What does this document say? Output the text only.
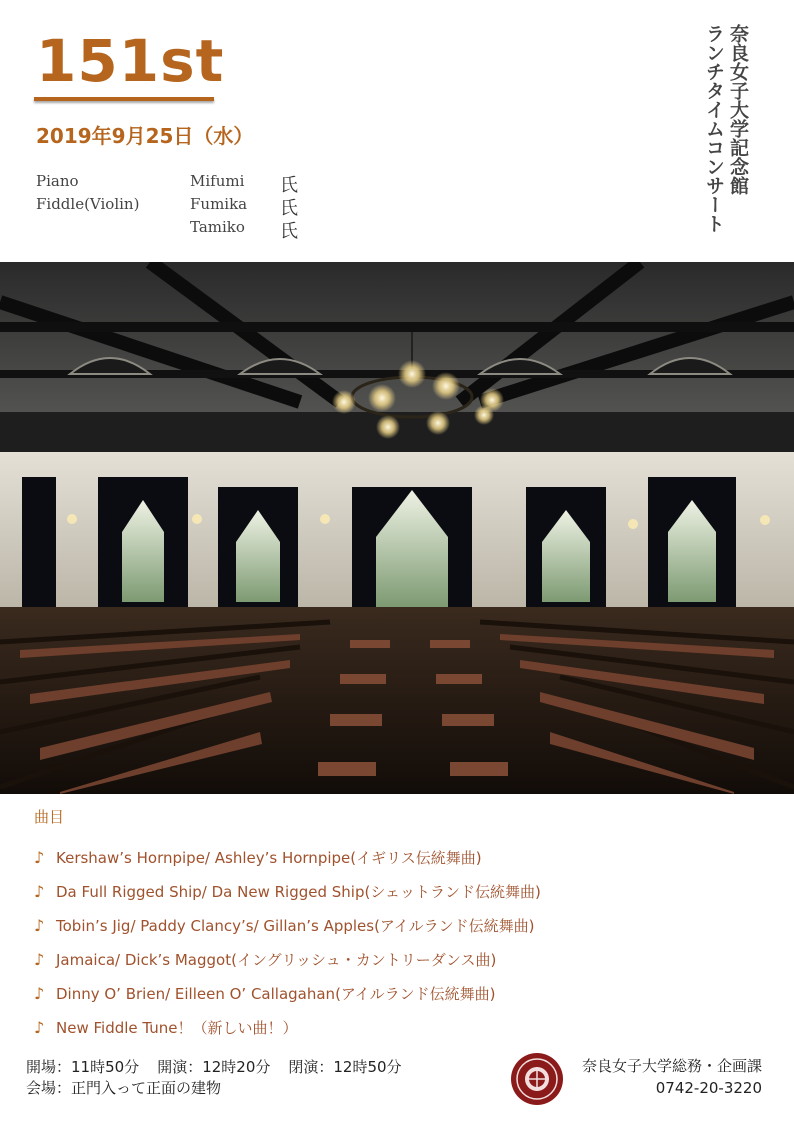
151st
2019年9月25日（水）
Piano	Mifumi 氏
Fiddle(Violin)	Fumika 氏
Tamiko 氏
奈良女子大学記念館
ランチタイムコンサート
曲目
♪ Kershaw’s Hornpipe/ Ashley’s Hornpipe(イギリス伝統舞曲)
♪ Da Full Rigged Ship/ Da New Rigged Ship(シェットランド伝統舞曲)
♪ Tobin’s Jig/ Paddy Clancy’s/ Gillan’s Apples(アイルランド伝統舞曲)
♪ Jamaica/ Dick’s Maggot(イングリッシュ・カントリーダンス曲)
♪ Dinny O’ Brien/ Eilleen O’ Callagahan(アイルランド伝統舞曲)
♪ New Fiddle Tune！（新しい曲！）
開場：11時50分 開演：12時20分 閉演：12時50分
会場：正門入って正面の建物
奈良女子大学総務・企画課
0742-20-3220
